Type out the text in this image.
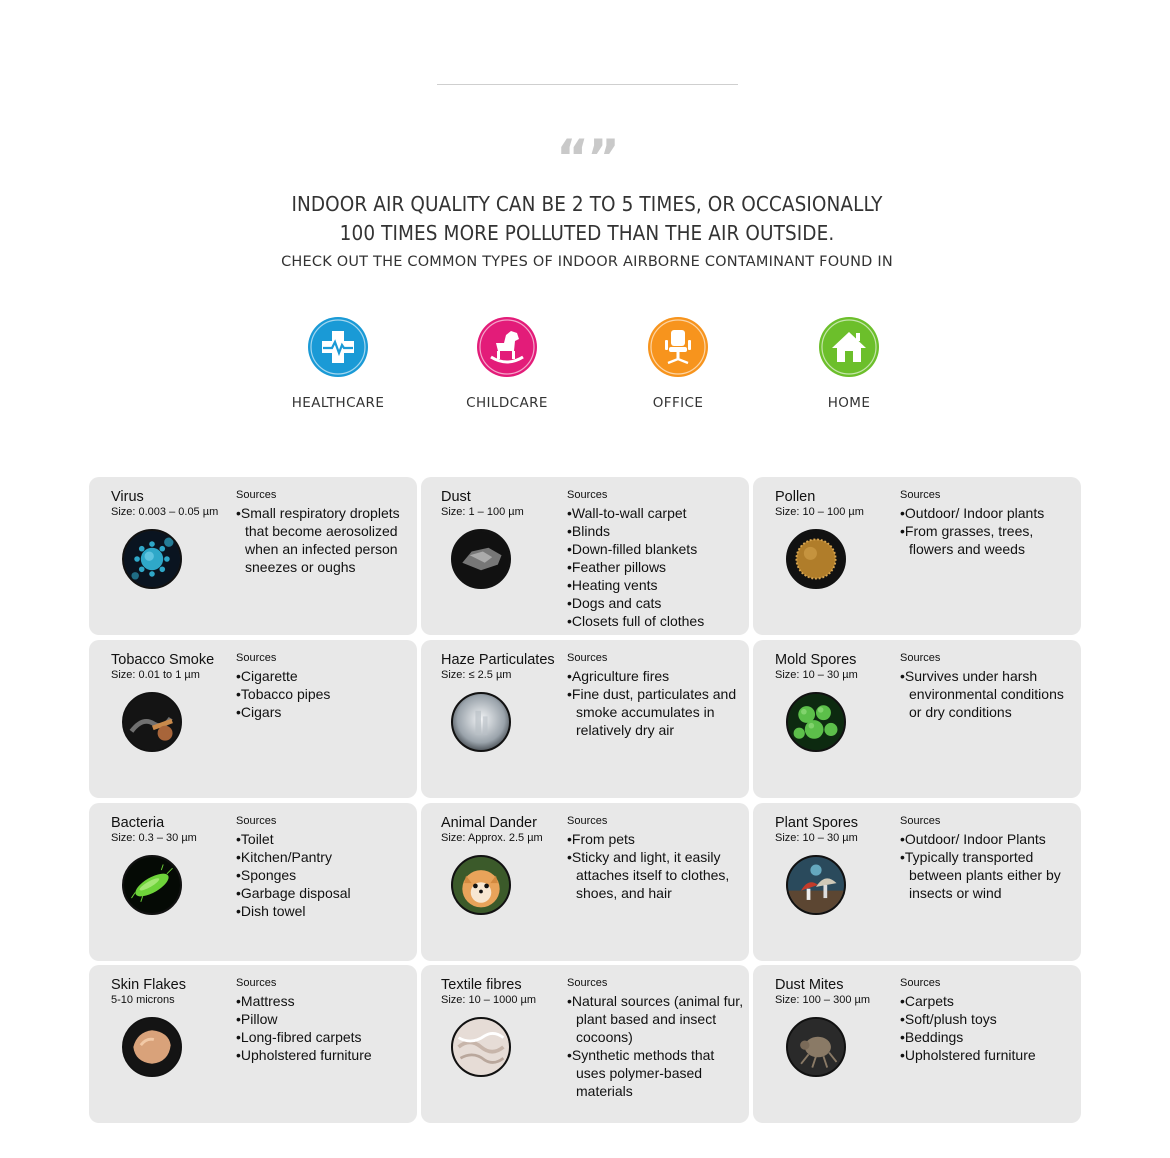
“”
INDOOR AIR QUALITY CAN BE 2 TO 5 TIMES, OR OCCASIONALLY
100 TIMES MORE POLLUTED THAN THE AIR OUTSIDE.
CHECK OUT THE COMMON TYPES OF INDOOR AIRBORNE CONTAMINANT FOUND IN
HEALTHCARE	CHILDCARE	OFFICE	HOME
Virus
Size: 0.003 – 0.05 µm
Sources
• Small respiratory droplets that become aerosolized when an infected person sneezes or oughs
Dust
Size: 1 – 100 µm
Sources
• Wall-to-wall carpet
• Blinds
• Down-filled blankets
• Feather pillows
• Heating vents
• Dogs and cats
• Closets full of clothes
Pollen
Size: 10 – 100 µm
Sources
• Outdoor/ Indoor plants
• From grasses, trees, flowers and weeds
Tobacco Smoke
Size: 0.01 to 1 µm
Sources
• Cigarette
• Tobacco pipes
• Cigars
Haze Particulates
Size: ≤ 2.5 µm
Sources
• Agriculture fires
• Fine dust, particulates and smoke accumulates in relatively dry air
Mold Spores
Size: 10 – 30 µm
Sources
• Survives under harsh environmental conditions or dry conditions
Bacteria
Size: 0.3 – 30 µm
Sources
• Toilet
• Kitchen/Pantry
• Sponges
• Garbage disposal
• Dish towel
Animal Dander
Size: Approx. 2.5 µm
Sources
• From pets
• Sticky and light, it easily attaches itself to clothes, shoes, and hair
Plant Spores
Size: 10 – 30 µm
Sources
• Outdoor/ Indoor Plants
• Typically transported between plants either by insects or wind
Skin Flakes
5-10 microns
Sources
• Mattress
• Pillow
• Long-fibred carpets
• Upholstered furniture
Textile fibres
Size: 10 – 1000 µm
Sources
• Natural sources (animal fur, plant based and insect cocoons)
• Synthetic methods that uses polymer-based materials
Dust Mites
Size: 100 – 300 µm
Sources
• Carpets
• Soft/plush toys
• Beddings
• Upholstered furniture
